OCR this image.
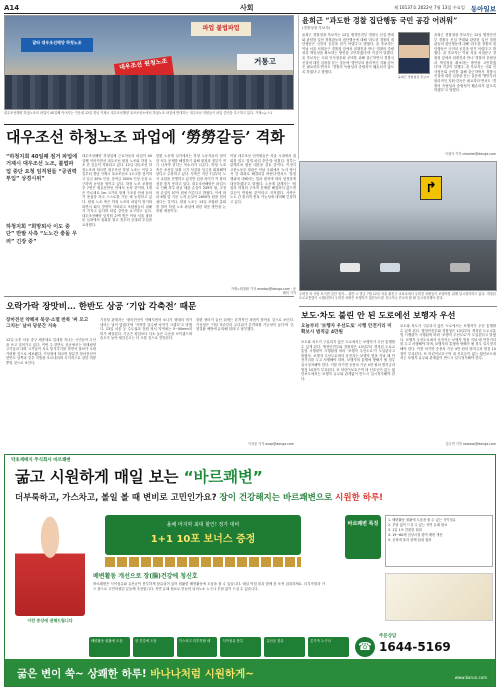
A14	사회	제 10137호 2022년 7월 13일 수요일 동아일보
잘타 대우조선해양 하청노조
파업 불법파업
대우조선 원청노조	거통고
대우조선해양 하청노조의 파업이 40일째 이어지는 가운데 12일 경남 거제시 대우조선해양 옥포조선소에서 하청노조 파업에 반대하는 대우조선 직원들이 파업 중단을 촉구하고 있다. 거제=뉴스1
대우조선 하청노조 파업에 ‘勞勞갈등’ 격화
“하청지회 40일째 점거 파업에 거제시 대우조선 노조, 불법파업 중단 요청 임직원들 “공권력 투입” 상경시위”
하청지회 “희망퇴사 이도 중단” 반발 사측 “노노간 충돌 우려” 긴장 중”
대우조선해양 하청업체 근로자들의 파업이 40일째 이어지면서 대우조선 원청 노조와 하청 노조 간 갈등이 격화되고 있다. 12일 대우조선 하청노조에 따르면 대우조선 하청 노조는 이달 2일부터 경남 거제시 옥포조선소 1도크를 점거하고 임금 30% 인상, 상여금 300% 인상 등을 요구하며 농성을 벌이고 있다. 하청 노조 조합원 중 7명은 원유운반선 안에서 농성 중이며, 1명은 가로세로 1m 크기의 철제 구조물 안에 들어가 용접을 하고 스스로를 가둔 채 농성하고 있다. 원청 노조 측은 하청 노조의 파업이 장기화되면서 회사 경영이 악화되고 조합원들의 피해가 커지고 있다며 파업 중단을 요구하고 있다. 대우조선해양 임직원 수백 명은 이날 서울 광화문 일대에서 집회를 열고 정부의 공권력 투입을 요청했다.
한편 노동계 일각에서는 하청 노동자들의 열악한 처우 문제를 해결하기 위해 원청과 정부가 적극 나서야 한다는 목소리가 나온다. 하청 노조 측은 조선업 불황 시기 삭감된 임금을 회복해야 한다고 주장하고 있다. 사측은 지난 7일부터 노사 교섭을 진행하고 있지만 입장 차이가 커 합의점을 찾지 못하고 있다. 대우조선해양은 파업으로 인해 하루 평균 매출 손실이 259억 원, 고정비 손실이 57억 원에 이른다고 밝혔다. 이에 따라 6월 말 기준 누적 손실이 2800억 원을 넘어섰다는 것이다. 원청 노조는 13일 조합원 총회를 열어 하청 노조 파업에 대한 대응 방안을 논의할 예정이다.
이날 대우조선 임직원들은 서울 시내에서 집회를 열고 '불법 파업 중단'을 외쳤다. 정부는 관계부처 합동 대응을 검토 중이다. 이정식 고용노동부 장관은 이날 국회에서 '노사 당사자 간 대화로 해결되길 바란다'면서도 '불법행위에 대해서는 법과 원칙에 따라 엄정하게 대응하겠다'고 밝혔다. 노동계 관계자는 '원청과 하청의 구조적 문제를 해결하지 않으면 갈등이 반복될 것'이라고 지적했다. 사측은 노노 간 물리적 충돌 가능성에 대비해 긴장하고 있다.
거제=최창환 기자 oneday@donga.com · 송혜미 기자
윤희근 “과도한 경찰 집단행동 국민 공감 어려워”
(경찰청장 후보자)
윤희근 경찰청장 후보자는 12일 행정안전부 경찰국 신설 반대와 관련한 일선 경찰관들의 집단행동에 대해 '과도한 경찰의 집단행동은 국민의 공감을 얻기 어렵다'고 밝혔다. 윤 후보자는 이날 서울 서대문구 경찰청 앞에서 취재진과 만나 '경찰의 중립성과 책임성을 확보하는 방안을 고민하겠다'며 이같이 말했다. 윤 후보자는 국회 인사청문회 준비를 위해 출근하면서 경찰국 신설에 대한 입장을 묻는 질문에 '행안부의 합리적인 지휘·감독은 필요하다'면서도 '경찰의 독립성과 중립성이 훼손되지 않도록 하겠다'고 답했다.
윤희근 경찰청장 후보자
윤희근 경찰청장 후보자는 12일 행정안전부 경찰국 신설 반대와 관련한 일선 경찰관들의 집단행동에 대해 '과도한 경찰의 집단행동은 국민의 공감을 얻기 어렵다'고 밝혔다. 윤 후보자는 이날 서울 서대문구 경찰청 앞에서 취재진과 만나 '경찰의 중립성과 책임성을 확보하는 방안을 고민하겠다'며 이같이 말했다. 윤 후보자는 국회 인사청문회 준비를 위해 출근하면서 경찰국 신설에 대한 입장을 묻는 질문에 '행안부의 합리적인 지휘·감독은 필요하다'면서도 '경찰의 독립성과 중립성이 훼손되지 않도록 하겠다'고 답했다.
이청아 기자 clearlee@donga.com
↱
우회전 차 사람 보이면 일단 정지… 위반 시 벌금 7월 12일 서울 광진구 교차로에서 우회전 차량들이 보행자를 위해 일시정지하고 있다. 개정된 도로교통법이 시행되면서 우회전 차량은 보행자가 횡단보도를 건너거나 건너려 할 때 일시정지해야 한다.
오락가락 장맛비… 한반도 상공 ‘기압 각축전’ 때문
장마전선 약해져 북상·소멸 반복 '찌 모고 그치는' 날씨 당분간 지속
12일 오후 서울 중구 세종대로 일대를 지나는 시민들이 우산을 쓰고 걸어가고 있다. 이번 주 한반도 상공에서는 북태평양고기압과 대륙 고기압이 서로 힘겨루기를 하면서 날씨가 오락가락할 것으로 예보됐다. 기상청에 따르면 당분간 장마전선이 한반도 남쪽과 중부 지방을 오르내리며 국지적으로 강한 비를 뿌릴 것으로 보인다.
기상청 관계자는 '장마전선이 약해지면서 소나기 형태의 비가 내리는 날이 많겠다'며 '지역별 강수량 차이가 크겠다'고 말했다. 13일 서울 등 수도권과 강원 영서 지역에는 5~40mm의 비가 예상된다. 기온은 평년보다 다소 높은 수준을 보이겠으며 습도가 높아 체감온도는 더 오를 것으로 전망된다.
한편 장마가 끝난 뒤에는 본격적인 폭염이 찾아올 것으로 보인다. 기상청은 '이달 하순부터 무더위가 본격화할 가능성이 높다'며 '온열질환 예방에 유의해 달라'고 당부했다.
이지윤 기자 asap@donga.com
보도·차도 불린 안 된 도로에선 보행자 우선
오늘부터 '보행자 우선도로' 시행 안전거리 미확보시 범칙금 4만원
보도와 차도가 구분되지 않은 도로에서는 보행자가 우선 통행할 수 있게 된다. 행정안전부와 경찰청은 13일부터 개정된 도로교통법 시행령이 시행됨에 따라 '보행자 우선도로'가 도입된다고 밝혔다. 보행자 우선도로에서 운전자는 보행자 옆을 지날 때 안전거리를 두고 서행해야 하며, 보행자의 통행에 방해가 될 경우 일시정지해야 한다. 이를 어기면 승용차 기준 4만 원의 범칙금과 벌점 10점이 부과된다. 또 어린이보호구역 내 신호등이 없는 횡단보도에서는 보행자 유무와 관계없이 반드시 일시정지해야 한다.
보도와 차도가 구분되지 않은 도로에서는 보행자가 우선 통행할 수 있게 된다. 행정안전부와 경찰청은 13일부터 개정된 도로교통법 시행령이 시행됨에 따라 '보행자 우선도로'가 도입된다고 밝혔다. 보행자 우선도로에서 운전자는 보행자 옆을 지날 때 안전거리를 두고 서행해야 하며, 보행자의 통행에 방해가 될 경우 일시정지해야 한다. 이를 어기면 승용차 기준 4만 원의 범칙금과 벌점 10점이 부과된다. 또 어린이보호구역 내 신호등이 없는 횡단보도에서는 보행자 유무와 관계없이 반드시 일시정지해야 한다.
김수연 기자 newsoo@donga.com
약초재배지 주식회사 바르쾌변
굶고 시원하게 매일 보는 “바르쾌변”
더부룩하고, 가스차고, 볼일 볼 때 변비로 고민인가요? 장이 건강해지는 바르쾌변으로 시원한 하루!
이런 증상에 권해드립니다
올해 마지막 최대 할인! 정가 대비
1+1 10포 보너스 증정
배변활동 개선으로 장(腸)건강에 청신호
바르쾌변은 식이섬유와 유산균이 풍부하게 함유되어 있어 원활한 배변활동에 도움을 줄 수 있습니다. 매일 아침 물과 함께 한 포씩 섭취하세요. 더부룩함과 가스 참으로 고민하셨던 분들께 추천합니다. 자연 유래 원료로 만들어 남녀노소 누구나 부담 없이 드실 수 있습니다.
배변활동 원활에 도움	장 건강에 도움	가스차고 더부룩할 때	식이섬유 풍부	유산균 함유	온가족 누구나
바르쾌변 특징
1. 배변활동 원활에 도움을 줄 수 있는 식이섬유
2. 부담 없이 드실 수 있는 자연 유래 원료
3. 1일 1포 간편한 섭취
4. 19~60세 임상시험 참여 배변 개선
5. 공복에 물과 함께 섭취 권장
☎
주문상담
1644-5169
굶은 변이 쑥~ 상쾌한 하루! 바나나처럼 시원하게~	www.barun.com
